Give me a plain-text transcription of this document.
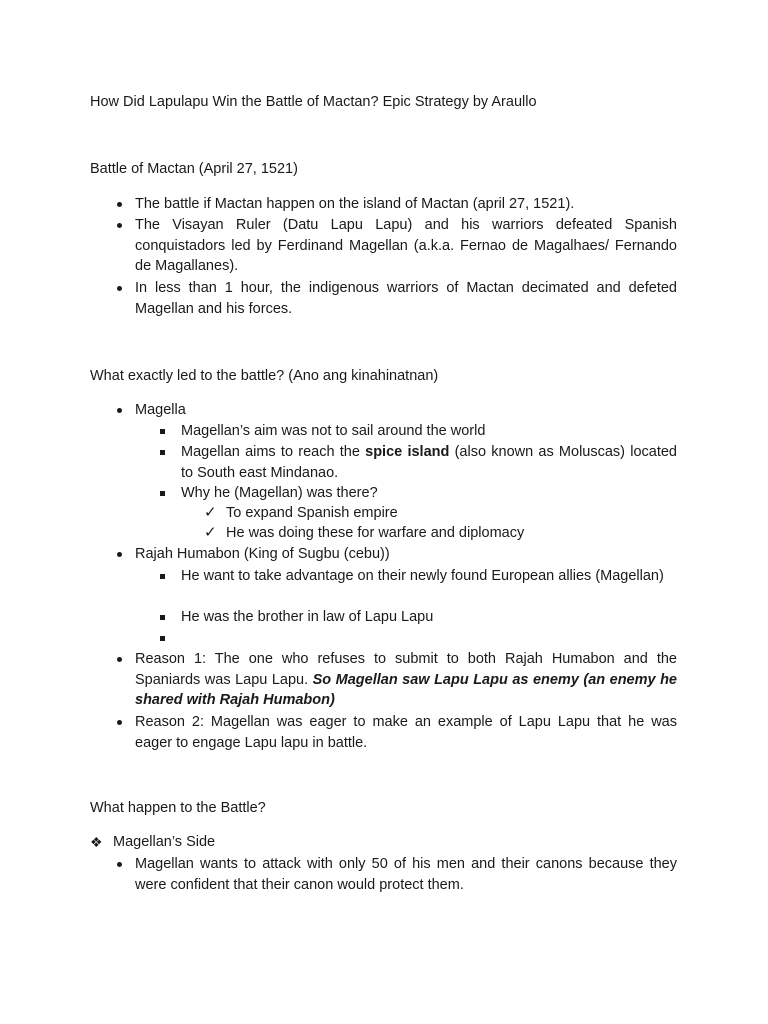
How Did Lapulapu Win the Battle of Mactan? Epic Strategy by Araullo
Battle of Mactan (April 27, 1521)
The battle if Mactan happen on the island of Mactan (april 27, 1521).
The Visayan Ruler (Datu Lapu Lapu) and his warriors defeated Spanish conquistadors led by Ferdinand Magellan (a.k.a. Fernao de Magalhaes/ Fernando de Magallanes).
In less than 1 hour, the indigenous warriors of Mactan decimated and defeted Magellan and his forces.
What exactly led to the battle? (Ano ang kinahinatnan)
Magella
Magellan’s aim was not to sail around the world
Magellan aims to reach the spice island (also known as Moluscas) located to South east Mindanao.
Why he (Magellan) was there?
✓ To expand Spanish empire
✓ He was doing these for warfare and diplomacy
Rajah Humabon (King of Sugbu (cebu))
He want to take advantage on their newly found European allies (Magellan)
He was the brother in law of Lapu Lapu
Reason 1: The one who refuses to submit to both Rajah Humabon and the Spaniards was Lapu Lapu. So Magellan saw Lapu Lapu as enemy (an enemy he shared with Rajah Humabon)
Reason 2: Magellan was eager to make an example of Lapu Lapu that he was eager to engage Lapu lapu in battle.
What happen to the Battle?
❖ Magellan’s Side
Magellan wants to attack with only 50 of his men and their canons because they were confident that their canon would protect them.
